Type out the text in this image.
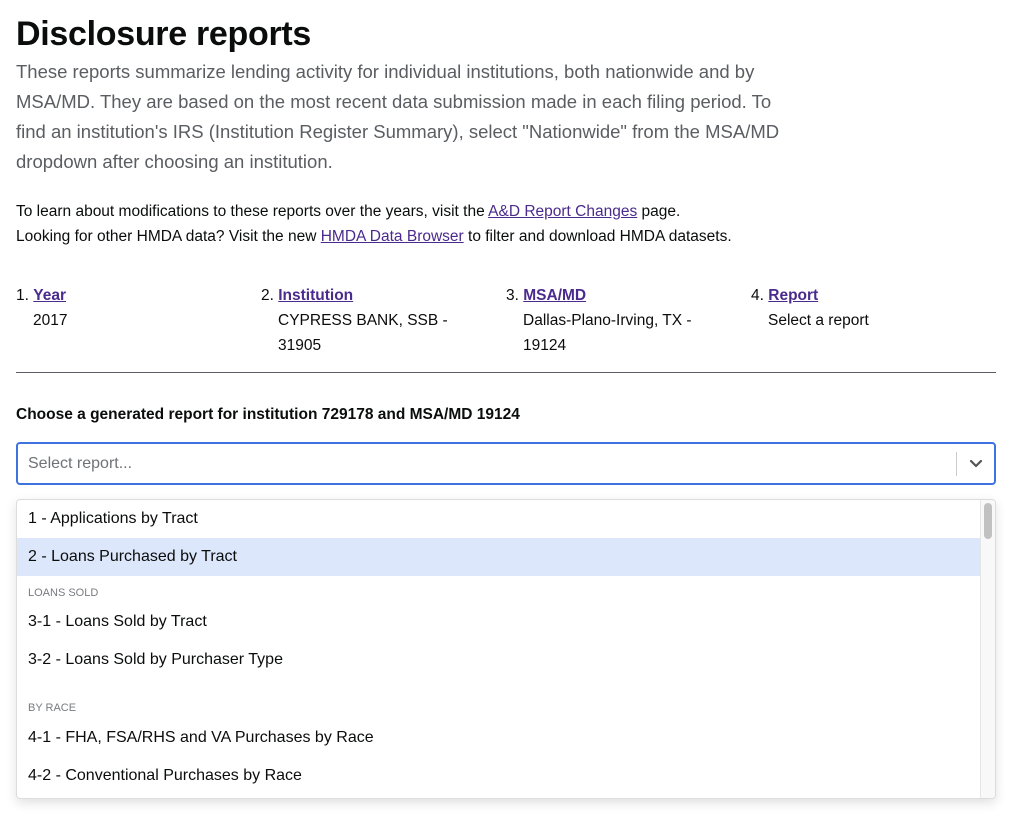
Disclosure reports

These reports summarize lending activity for individual institutions, both nationwide and by MSA/MD. They are based on the most recent data submission made in each filing period. To find an institution's IRS (Institution Register Summary), select "Nationwide" from the MSA/MD dropdown after choosing an institution.

To learn about modifications to these reports over the years, visit the A&D Report Changes page.
Looking for other HMDA data? Visit the new HMDA Data Browser to filter and download HMDA datasets.
1. Year
2017
2. Institution
CYPRESS BANK, SSB - 31905
3. MSA/MD
Dallas-Plano-Irving, TX - 19124
4. Report
Select a report
Choose a generated report for institution 729178 and MSA/MD 19124
Select report...
1 - Applications by Tract
2 - Loans Purchased by Tract
LOANS SOLD
3-1 - Loans Sold by Tract
3-2 - Loans Sold by Purchaser Type
BY RACE
4-1 - FHA, FSA/RHS and VA Purchases by Race
4-2 - Conventional Purchases by Race
